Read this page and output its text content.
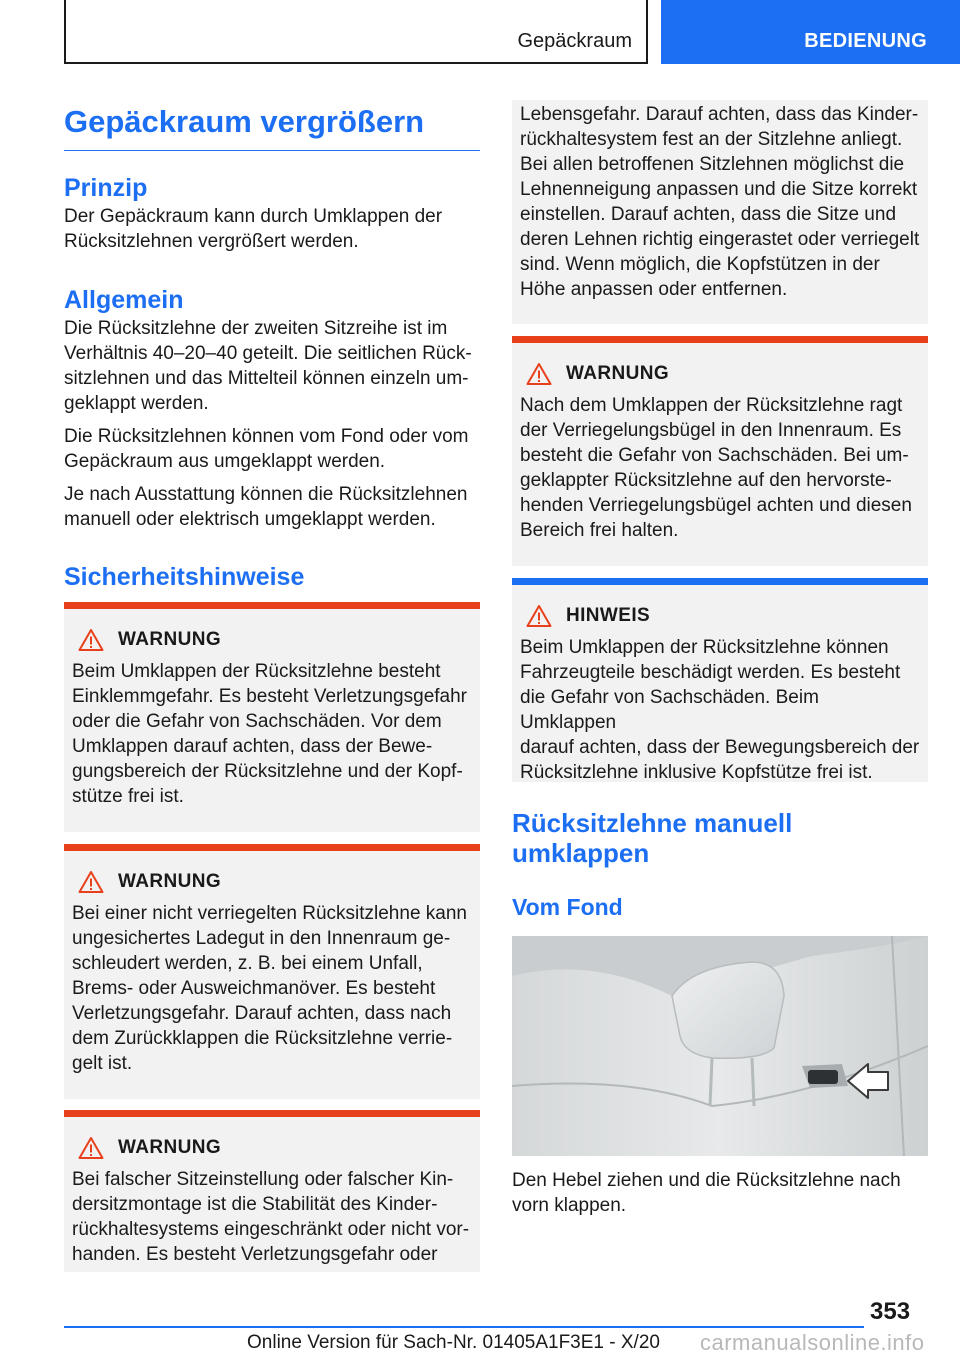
Gepäckraum	BEDIENUNG
Gepäckraum vergrößern
Prinzip
Der Gepäckraum kann durch Umklappen der
Rücksitzlehnen vergrößert werden.
Allgemein
Die Rücksitzlehne der zweiten Sitzreihe ist im
Verhältnis 40–20–40 geteilt. Die seitlichen Rück‐
sitzlehnen und das Mittelteil können einzeln um‐
geklappt werden.
Die Rücksitzlehnen können vom Fond oder vom
Gepäckraum aus umgeklappt werden.
Je nach Ausstattung können die Rücksitzlehnen
manuell oder elektrisch umgeklappt werden.
Sicherheitshinweise
WARNUNG
Beim Umklappen der Rücksitzlehne besteht
Einklemmgefahr. Es besteht Verletzungsgefahr
oder die Gefahr von Sachschäden. Vor dem
Umklappen darauf achten, dass der Bewe‐
gungsbereich der Rücksitzlehne und der Kopf‐
stütze frei ist.
WARNUNG
Bei einer nicht verriegelten Rücksitzlehne kann
ungesichertes Ladegut in den Innenraum ge‐
schleudert werden, z. B. bei einem Unfall,
Brems- oder Ausweichmanöver. Es besteht
Verletzungsgefahr. Darauf achten, dass nach
dem Zurückklappen die Rücksitzlehne verrie‐
gelt ist.
WARNUNG
Bei falscher Sitzeinstellung oder falscher Kin‐
dersitzmontage ist die Stabilität des Kinder‐
rückhaltesystems eingeschränkt oder nicht vor‐
handen. Es besteht Verletzungsgefahr oder
Lebensgefahr. Darauf achten, dass das Kinder‐
rückhaltesystem fest an der Sitzlehne anliegt.
Bei allen betroffenen Sitzlehnen möglichst die
Lehnenneigung anpassen und die Sitze korrekt
einstellen. Darauf achten, dass die Sitze und
deren Lehnen richtig eingerastet oder verriegelt
sind. Wenn möglich, die Kopfstützen in der
Höhe anpassen oder entfernen.
WARNUNG
Nach dem Umklappen der Rücksitzlehne ragt
der Verriegelungsbügel in den Innenraum. Es
besteht die Gefahr von Sachschäden. Bei um‐
geklappter Rücksitzlehne auf den hervorste‐
henden Verriegelungsbügel achten und diesen
Bereich frei halten.
HINWEIS
Beim Umklappen der Rücksitzlehne können
Fahrzeugteile beschädigt werden. Es besteht
die Gefahr von Sachschäden. Beim Umklappen
darauf achten, dass der Bewegungsbereich der
Rücksitzlehne inklusive Kopfstütze frei ist.
Rücksitzlehne manuell
umklappen
Vom Fond
Den Hebel ziehen und die Rücksitzlehne nach
vorn klappen.
353
Online Version für Sach-Nr. 01405A1F3E1 - X/20 carmanualsonline.info
